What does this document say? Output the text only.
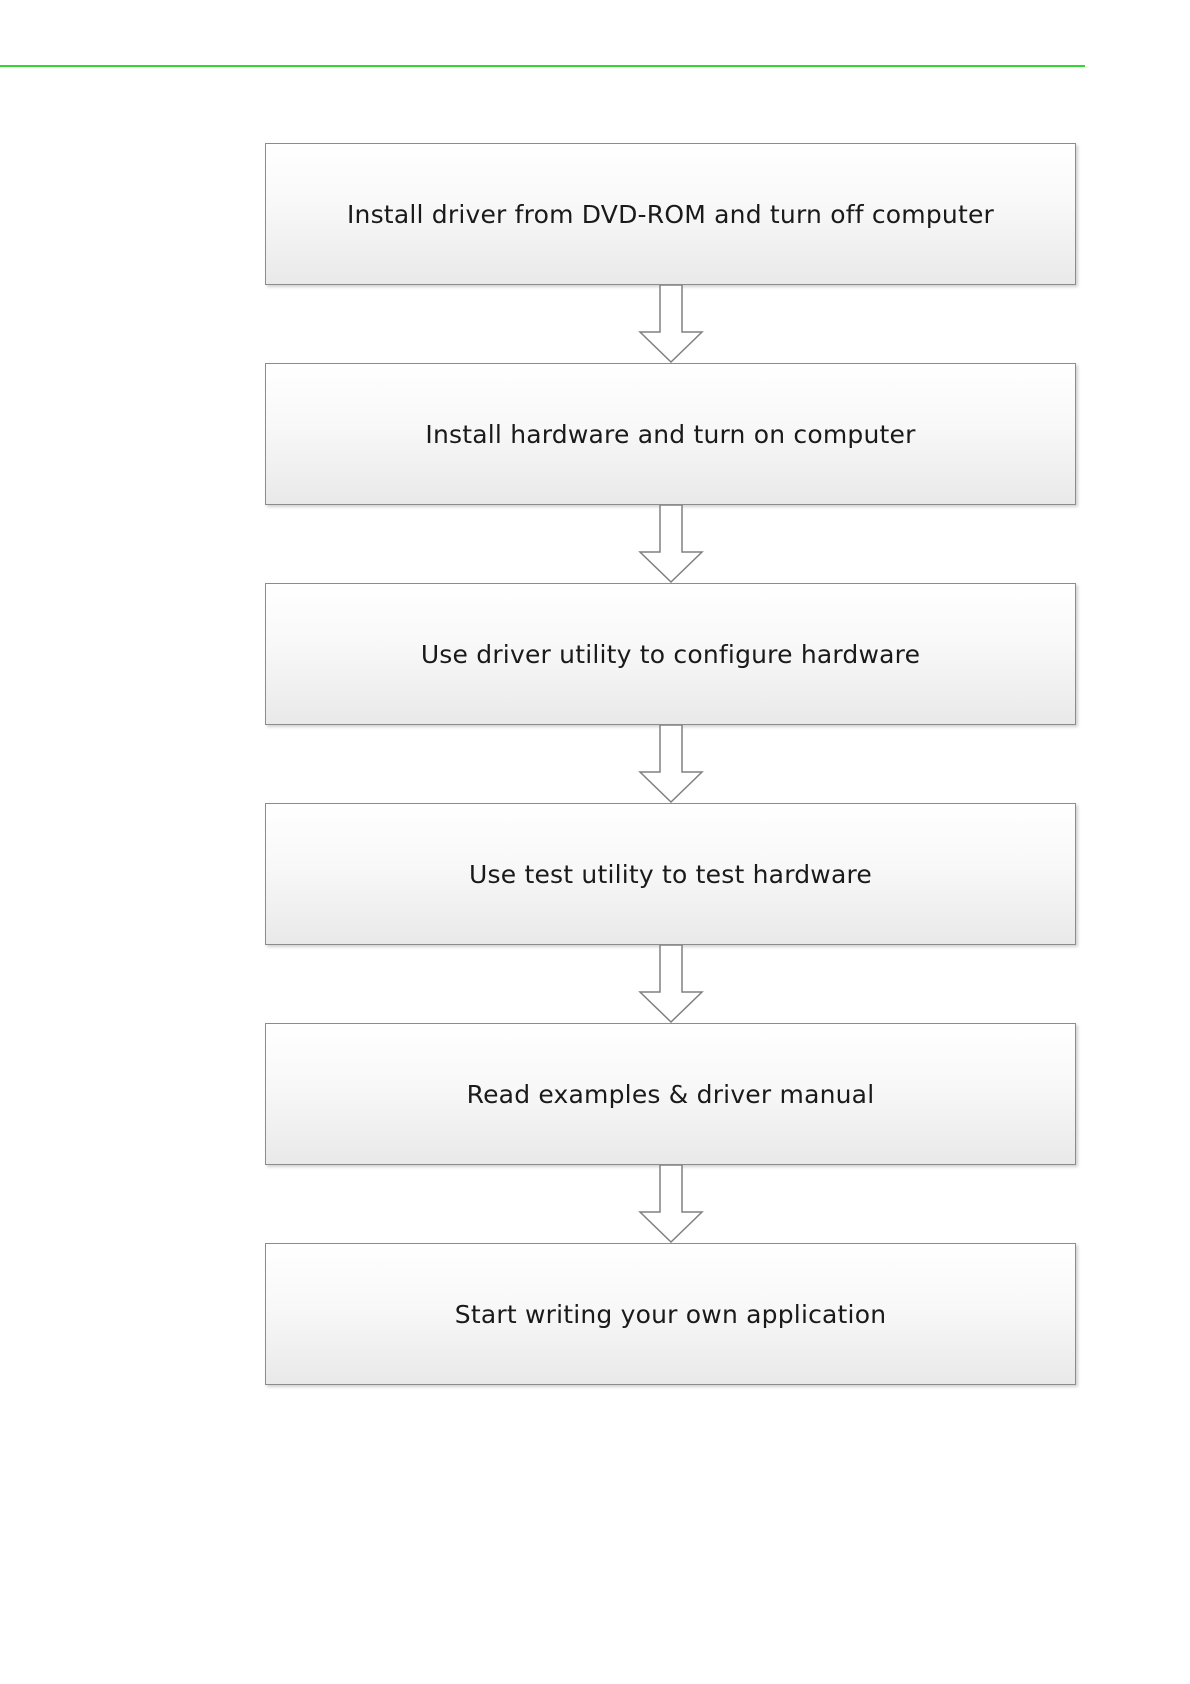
Install driver from DVD-ROM and turn off computer
Install hardware and turn on computer
Use driver utility to configure hardware
Use test utility to test hardware
Read examples & driver manual
Start writing your own application
